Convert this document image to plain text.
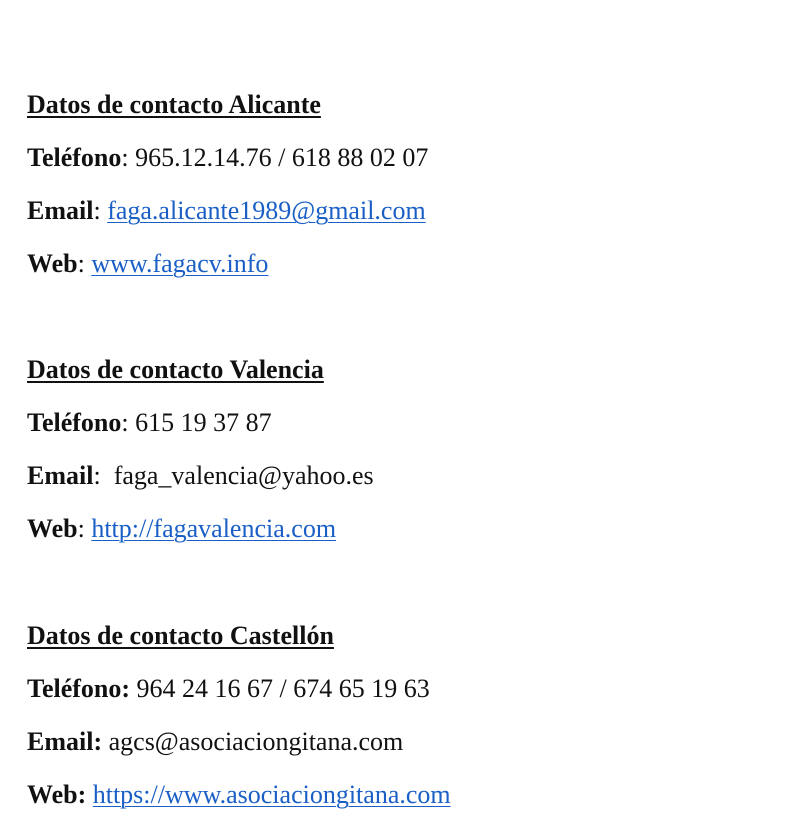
Datos de contacto Alicante
Teléfono: 965.12.14.76 / 618 88 02 07
Email: faga.alicante1989@gmail.com
Web: www.fagacv.info
Datos de contacto Valencia
Teléfono: 615 19 37 87
Email:  faga_valencia@yahoo.es
Web: http://fagavalencia.com
Datos de contacto Castellón
Teléfono: 964 24 16 67 / 674 65 19 63
Email: agcs@asociaciongitana.com
Web: https://www.asociaciongitana.com
